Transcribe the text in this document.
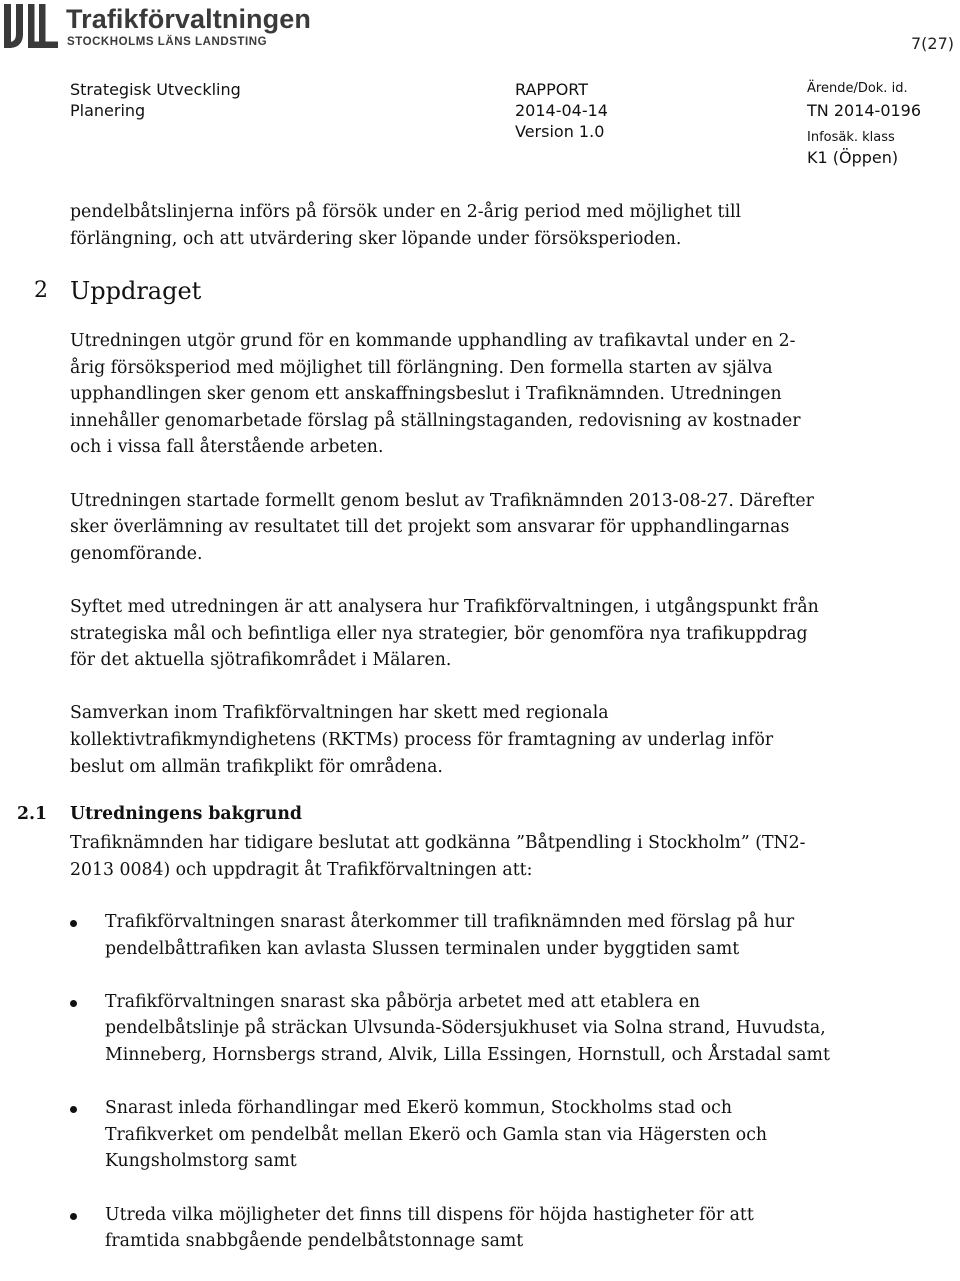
Trafikförvaltningen
STOCKHOLMS LÄNS LANDSTING	7(27)
Strategisk Utveckling
Planering
RAPPORT
2014-04-14
Version 1.0
Ärende/Dok. id.
TN 2014-0196
Infosäk. klass
K1 (Öppen)

pendelbåtslinjerna införs på försök under en 2-årig period med möjlighet till förlängning, och att utvärdering sker löpande under försöksperioden.

2 Uppdraget

Utredningen utgör grund för en kommande upphandling av trafikavtal under en 2-årig försöksperiod med möjlighet till förlängning. Den formella starten av själva upphandlingen sker genom ett anskaffningsbeslut i Trafiknämnden. Utredningen innehåller genomarbetade förslag på ställningstaganden, redovisning av kostnader och i vissa fall återstående arbeten.

Utredningen startade formellt genom beslut av Trafiknämnden 2013-08-27. Därefter sker överlämning av resultatet till det projekt som ansvarar för upphandlingarnas genomförande.

Syftet med utredningen är att analysera hur Trafikförvaltningen, i utgångspunkt från strategiska mål och befintliga eller nya strategier, bör genomföra nya trafikuppdrag för det aktuella sjötrafikområdet i Mälaren.

Samverkan inom Trafikförvaltningen har skett med regionala kollektivtrafikmyndighetens (RKTMs) process för framtagning av underlag inför beslut om allmän trafikplikt för områdena.

2.1 Utredningens bakgrund

Trafiknämnden har tidigare beslutat att godkänna ”Båtpendling i Stockholm” (TN2-2013 0084) och uppdragit åt Trafikförvaltningen att:

Trafikförvaltningen snarast återkommer till trafiknämnden med förslag på hur pendelbåttrafiken kan avlasta Slussen terminalen under byggtiden samt
Trafikförvaltningen snarast ska påbörja arbetet med att etablera en pendelbåtslinje på sträckan Ulvsunda-Södersjukhuset via Solna strand, Huvudsta, Minneberg, Hornsbergs strand, Alvik, Lilla Essingen, Hornstull, och Årstadal samt
Snarast inleda förhandlingar med Ekerö kommun, Stockholms stad och Trafikverket om pendelbåt mellan Ekerö och Gamla stan via Hägersten och Kungsholmstorg samt
Utreda vilka möjligheter det finns till dispens för höjda hastigheter för att framtida snabbgående pendelbåtstonnage samt
